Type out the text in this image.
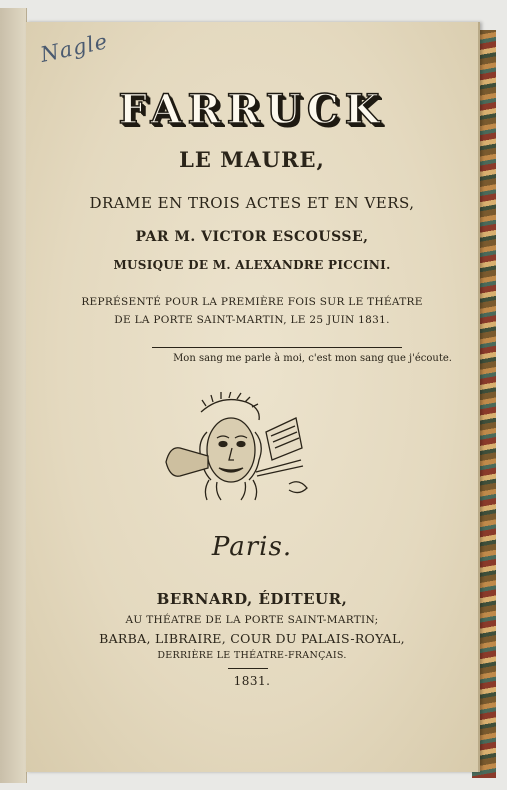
Nagle
FARRUCK
LE MAURE,
DRAME EN TROIS ACTES ET EN VERS,
PAR M. VICTOR ESCOUSSE,
MUSIQUE DE M. ALEXANDRE PICCINI.
REPRÉSENTÉ POUR LA PREMIÈRE FOIS SUR LE THÉATRE
DE LA PORTE SAINT-MARTIN, LE 25 JUIN 1831.
Mon sang me parle à moi, c'est mon sang que j'écoute.
Paris.
BERNARD, ÉDITEUR,
AU THÉATRE DE LA PORTE SAINT-MARTIN;
BARBA, LIBRAIRE, COUR DU PALAIS-ROYAL,
DERRIÈRE LE THÉATRE-FRANÇAIS.
1831.
